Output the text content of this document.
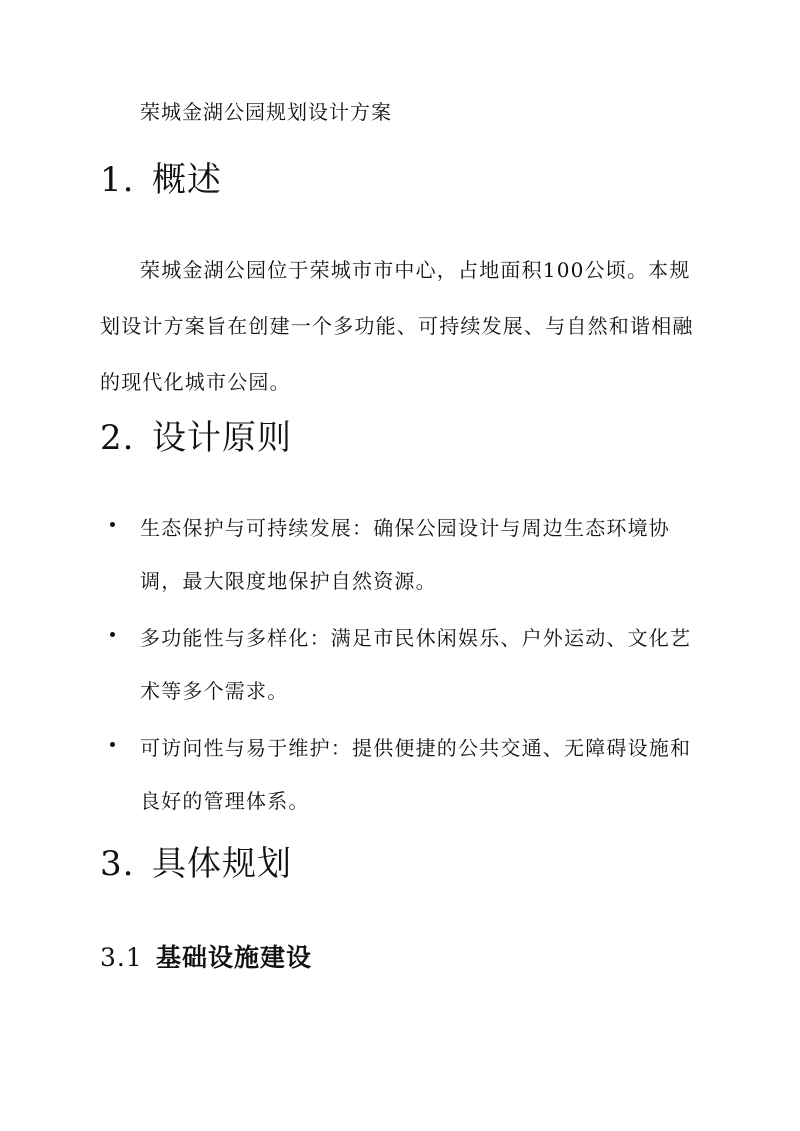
荣城金湖公园规划设计方案
1. 概述
荣城金湖公园位于荣城市市中心，占地面积100公顷。本规划设计方案旨在创建一个多功能、可持续发展、与自然和谐相融的现代化城市公园。
2. 设计原则
生态保护与可持续发展：确保公园设计与周边生态环境协调，最大限度地保护自然资源。
多功能性与多样化：满足市民休闲娱乐、户外运动、文化艺术等多个需求。
可访问性与易于维护：提供便捷的公共交通、无障碍设施和良好的管理体系。
3. 具体规划
3.1 基础设施建设
